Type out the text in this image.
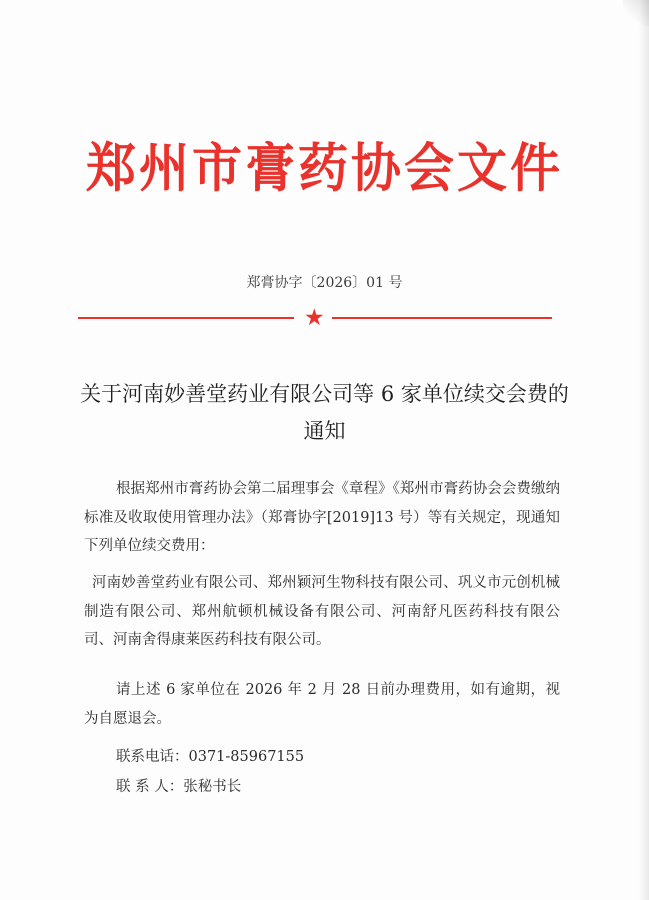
郑州市膏药协会文件
郑膏协字〔2026〕01 号
★
关于河南妙善堂药业有限公司等 6 家单位续交会费的通知
根据郑州市膏药协会第二届理事会《章程》《郑州市膏药协会会费缴纳标准及收取使用管理办法》（郑膏协字[2019]13 号）等有关规定，现通知下列单位续交费用：
河南妙善堂药业有限公司、郑州颖河生物科技有限公司、巩义市元创机械制造有限公司、郑州航顿机械设备有限公司、河南舒凡医药科技有限公司、河南舍得康莱医药科技有限公司。
请上述 6 家单位在 2026 年 2 月 28 日前办理费用，如有逾期，视为自愿退会。
联系电话：0371-85967155
联 系 人：张秘书长
